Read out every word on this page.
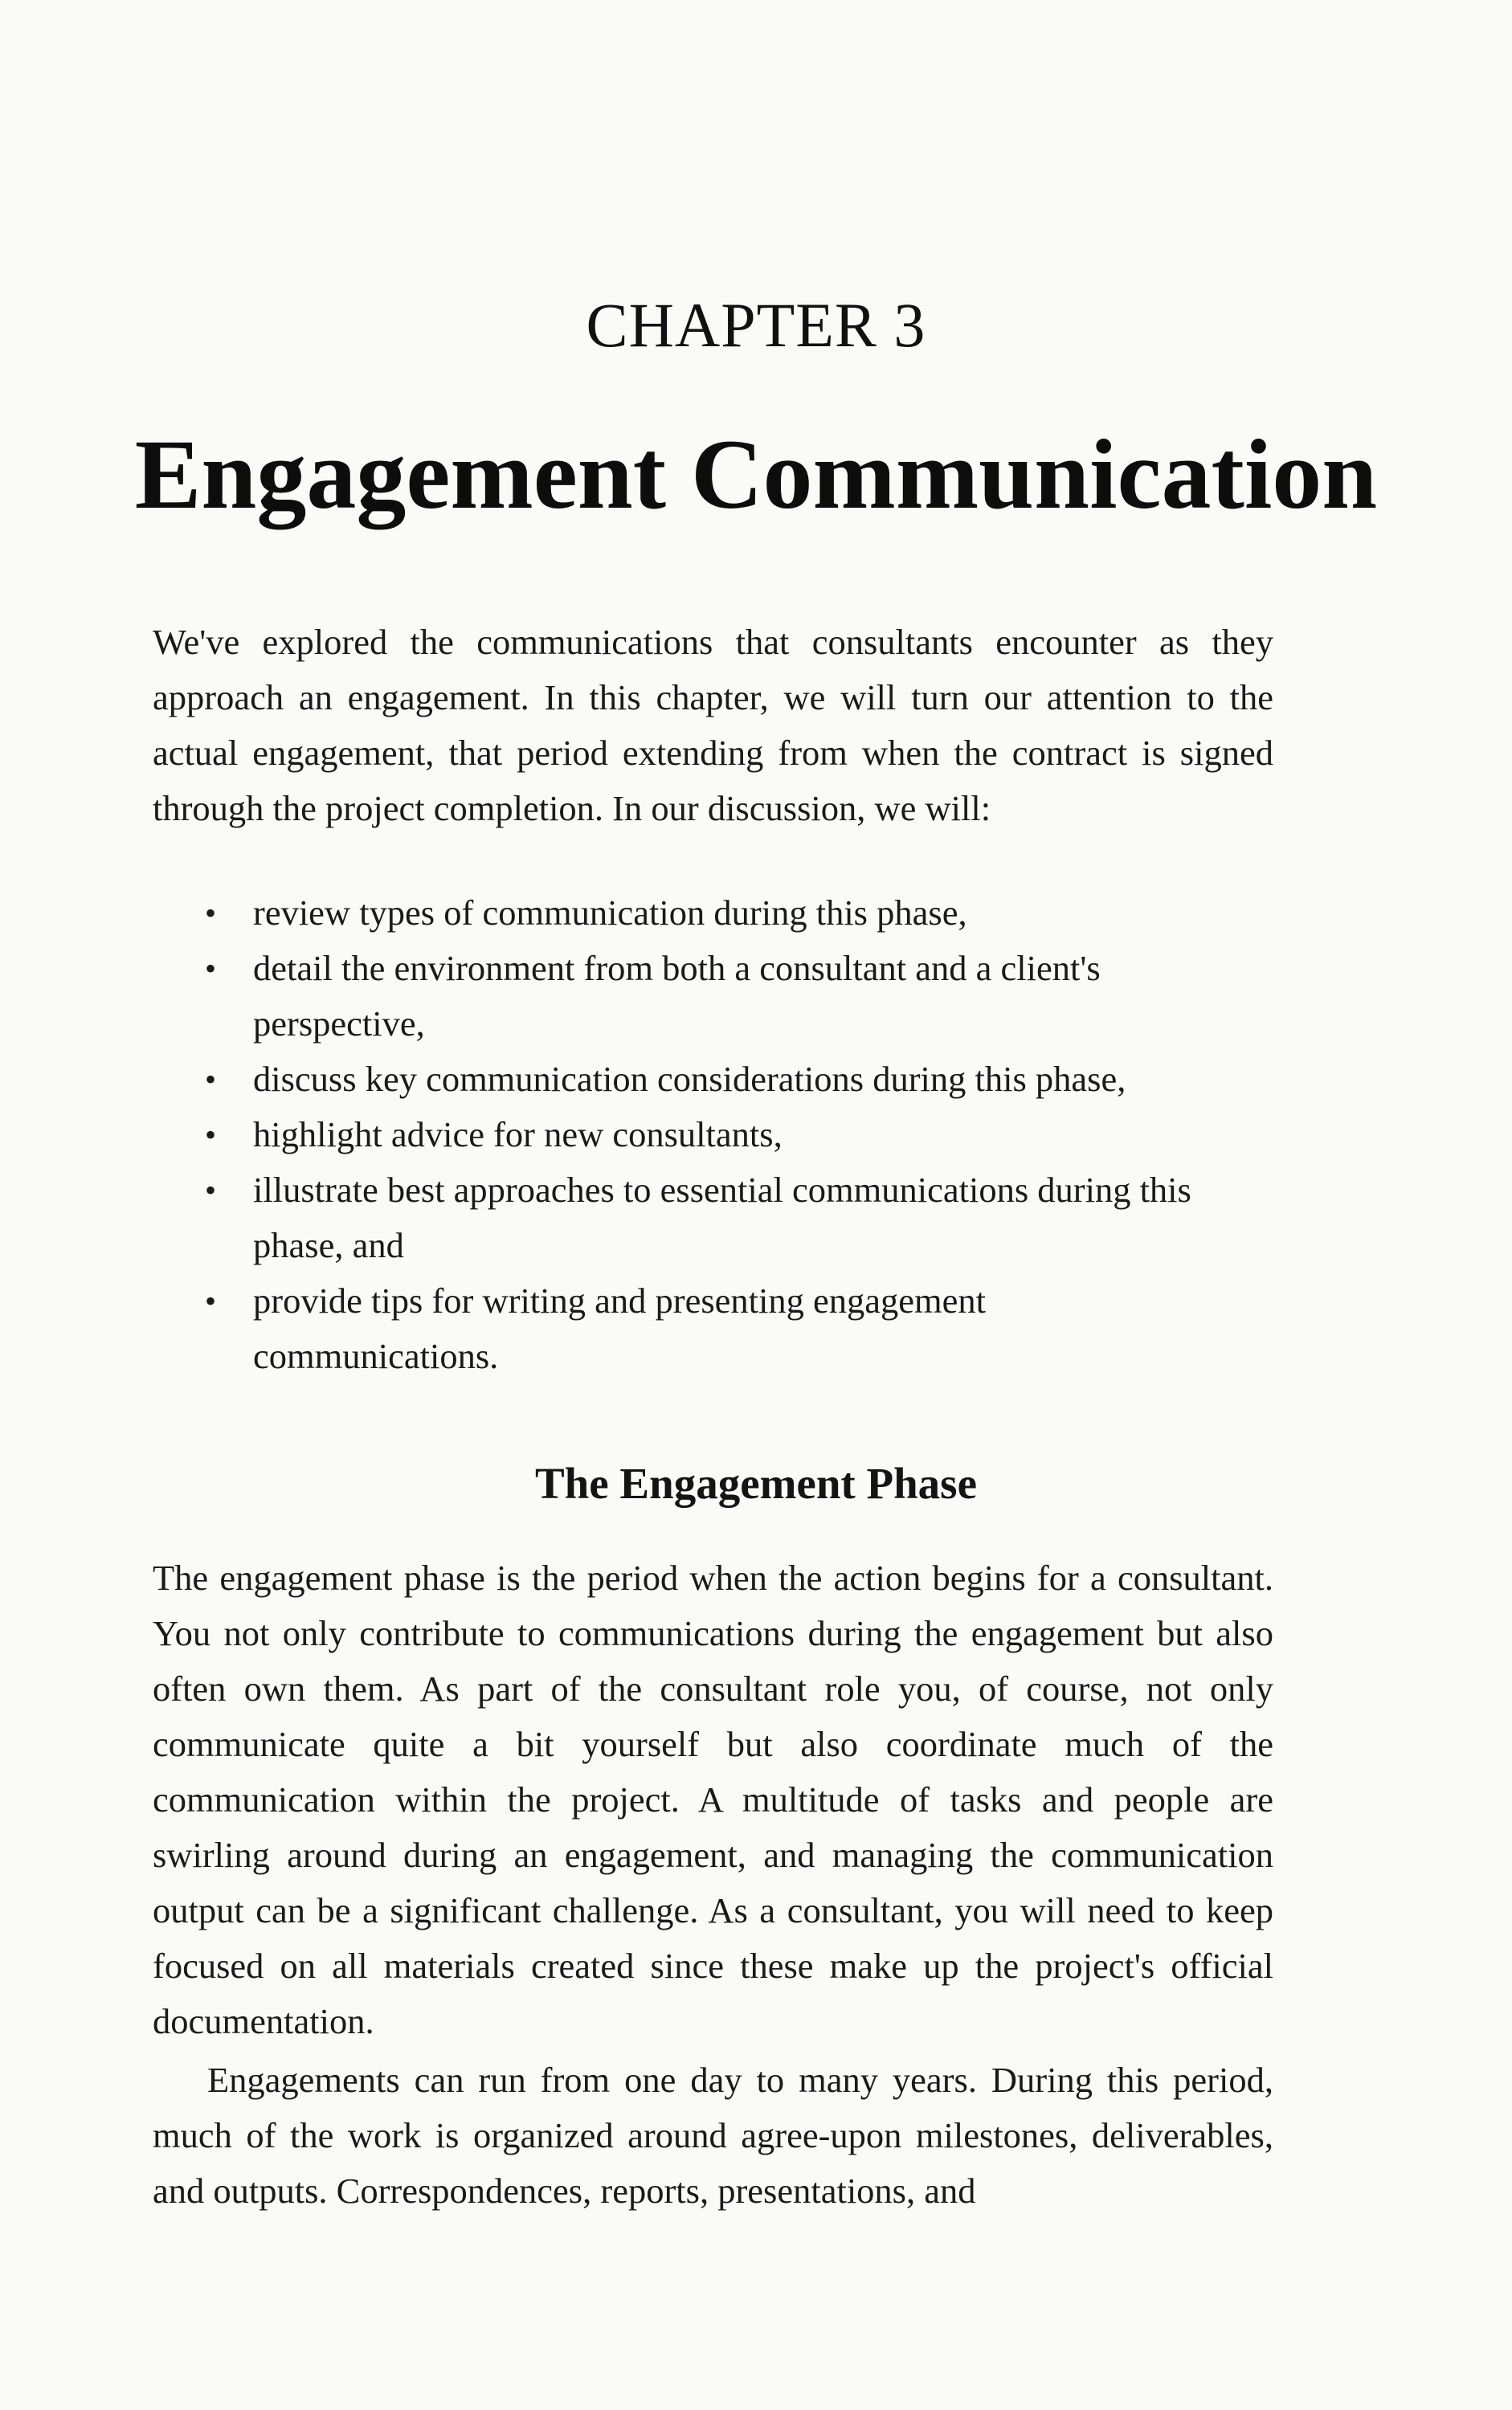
CHAPTER 3
Engagement Communication

We've explored the communications that consultants encounter as they approach an engagement. In this chapter, we will turn our attention to the actual engagement, that period extending from when the contract is signed through the project completion. In our discussion, we will:

• review types of communication during this phase,
• detail the environment from both a consultant and a client's perspective,
• discuss key communication considerations during this phase,
• highlight advice for new consultants,
• illustrate best approaches to essential communications during this phase, and
• provide tips for writing and presenting engagement communications.
The Engagement Phase

The engagement phase is the period when the action begins for a consultant. You not only contribute to communications during the engagement but also often own them. As part of the consultant role you, of course, not only communicate quite a bit yourself but also coordinate much of the communication within the project. A multitude of tasks and people are swirling around during an engagement, and managing the communication output can be a significant challenge. As a consultant, you will need to keep focused on all materials created since these make up the project's official documentation.

Engagements can run from one day to many years. During this period, much of the work is organized around agree-upon milestones, deliverables, and outputs. Correspondences, reports, presentations, and
